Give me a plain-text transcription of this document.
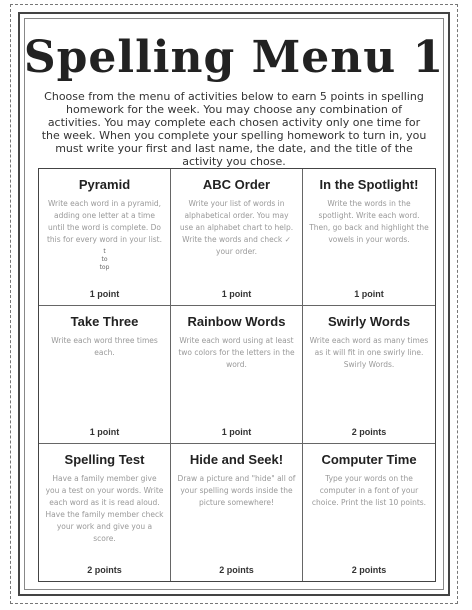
Spelling Menu 1
Choose from the menu of activities below to earn 5 points in spelling homework for the week. You may choose any combination of activities. You may complete each chosen activity only one time for the week. When you complete your spelling homework to turn in, you must write your first and last name, the date, and the title of the activity you chose.
Pyramid
Write each word in a pyramid, adding one letter at a time until the word is complete. Do this for every word in your list.
t
to
top
1 point
ABC Order
Write your list of words in alphabetical order. You may use an alphabet chart to help. Write the words and check ✓ your order.
1 point
In the Spotlight!
Write the words in the spotlight. Write each word. Then, go back and highlight the vowels in your words.
1 point
Take Three
Write each word three times each.
1 point
Rainbow Words
Write each word using at least two colors for the letters in the word.
1 point
Swirly Words
Write each word as many times as it will fit in one swirly line. Swirly Words.
2 points
Spelling Test
Have a family member give you a test on your words. Write each word as it is read aloud. Have the family member check your work and give you a score.
2 points
Hide and Seek!
Draw a picture and "hide" all of your spelling words inside the picture somewhere!
2 points
Computer Time
Type your words on the computer in a font of your choice. Print the list 10 points.
2 points
